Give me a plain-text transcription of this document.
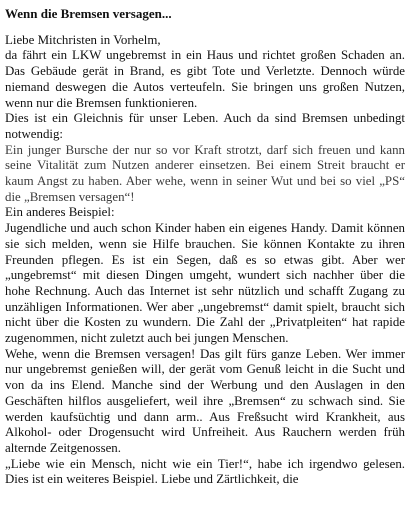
Wenn die Bremsen versagen...
Liebe Mitchristen in Vorhelm,
da fährt ein LKW ungebremst in ein Haus und richtet großen Schaden an. Das Gebäude gerät in Brand, es gibt Tote und Verletzte. Dennoch würde niemand deswegen die Autos verteufeln. Sie bringen uns großen Nutzen, wenn nur die Bremsen funktionieren.
Dies ist ein Gleichnis für unser Leben. Auch da sind Bremsen unbedingt notwendig:
Ein junger Bursche der nur so vor Kraft strotzt, darf sich freuen und kann seine Vitalität zum Nutzen anderer einsetzen. Bei einem Streit braucht er kaum Angst zu haben. Aber wehe, wenn in seiner Wut und bei so viel „PS“ die „Bremsen versagen“!
Ein anderes Beispiel:
Jugendliche und auch schon Kinder haben ein eigenes Handy. Damit können sie sich melden, wenn sie Hilfe brauchen. Sie können Kontakte zu ihren Freunden pflegen. Es ist ein Segen, daß es so etwas gibt. Aber wer „ungebremst“ mit diesen Dingen umgeht, wundert sich nachher über die hohe Rechnung. Auch das Internet ist sehr nützlich und schafft Zugang zu unzähligen Informationen. Wer aber „ungebremst“ damit spielt, braucht sich nicht über die Kosten zu wundern. Die Zahl der „Privatpleiten“ hat rapide zugenommen, nicht zuletzt auch bei jungen Menschen.
Wehe, wenn die Bremsen versagen! Das gilt fürs ganze Leben. Wer immer nur ungebremst genießen will, der gerät vom Genuß leicht in die Sucht und von da ins Elend. Manche sind der Werbung und den Auslagen in den Geschäften hilflos ausgeliefert, weil ihre „Bremsen“ zu schwach sind. Sie werden kaufsüchtig und dann arm.. Aus Freßsucht wird Krankheit, aus Alkohol- oder Drogensucht wird Unfreiheit. Aus Rauchern werden früh alternde Zeitgenossen.
„Liebe wie ein Mensch, nicht wie ein Tier!“, habe ich irgendwo gelesen. Dies ist ein weiteres Beispiel. Liebe und Zärtlichkeit, die
